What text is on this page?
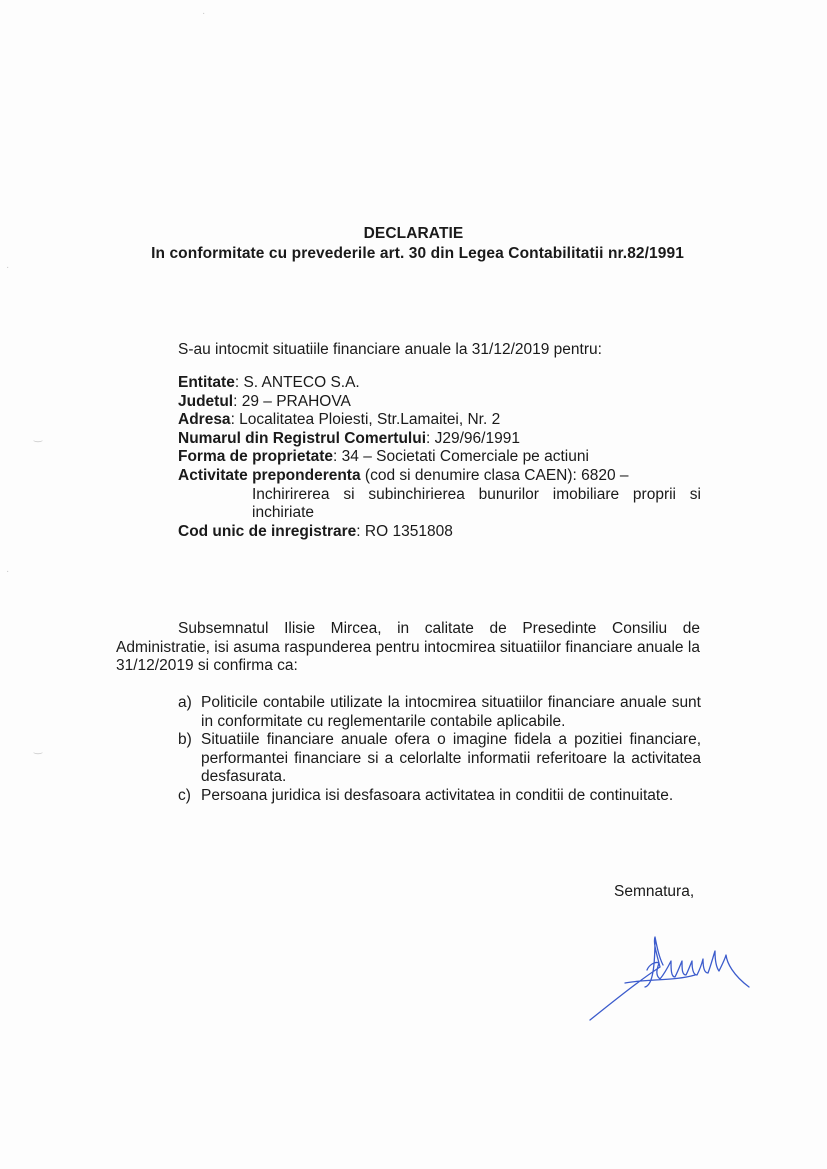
DECLARATIE
In conformitate cu prevederile art. 30 din Legea Contabilitatii nr.82/1991
S-au intocmit situatiile financiare anuale la 31/12/2019 pentru:

Entitate: S. ANTECO S.A.

Judetul: 29 – PRAHOVA

Adresa: Localitatea Ploiesti, Str.Lamaitei, Nr. 2

Numarul din Registrul Comertului: J29/96/1991

Forma de proprietate: 34 – Societati Comerciale pe actiuni

Activitate preponderenta (cod si denumire clasa CAEN): 6820 –

Inchirirerea si subinchirierea bunurilor imobiliare proprii si

inchiriate

Cod unic de inregistrare: RO 1351808

Subsemnatul Ilisie Mircea, in calitate de Presedinte Consiliu de Administratie, isi asuma raspunderea pentru intocmirea situatiilor financiare anuale la 31/12/2019 si confirma ca:
a) Politicile contabile utilizate la intocmirea situatiilor financiare anuale sunt in conformitate cu reglementarile contabile aplicabile.
b) Situatiile financiare anuale ofera o imagine fidela a pozitiei financiare, performantei financiare si a celorlalte informatii referitoare la activitatea desfasurata.
c) Persoana juridica isi desfasoara activitatea in conditii de continuitate.
Semnatura,
·
·
‿
‿
·
